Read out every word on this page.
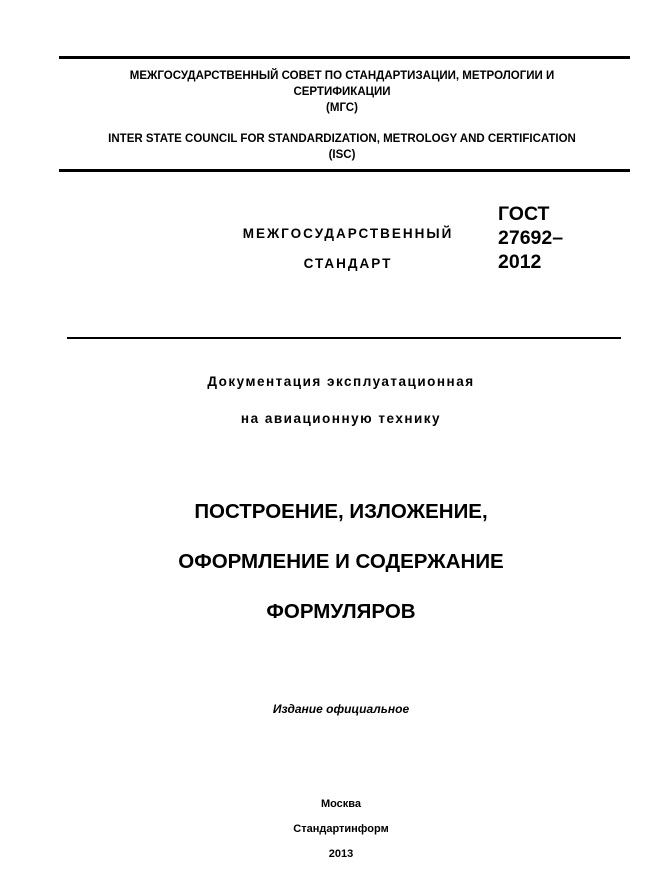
МЕЖГОСУДАРСТВЕННЫЙ СОВЕТ ПО СТАНДАРТИЗАЦИИ, МЕТРОЛОГИИ И
СЕРТИФИКАЦИИ
(МГС)
INTER STATE COUNCIL FOR STANDARDIZATION, METROLOGY AND CERTIFICATION
(ISC)
МЕЖГОСУДАРСТВЕННЫЙ
СТАНДАРТ
ГОСТ
27692–
2012
Документация эксплуатационная
на авиационную технику
ПОСТРОЕНИЕ, ИЗЛОЖЕНИЕ,
ОФОРМЛЕНИЕ И СОДЕРЖАНИЕ
ФОРМУЛЯРОВ
Издание официальное
Москва
Стандартинформ
2013
